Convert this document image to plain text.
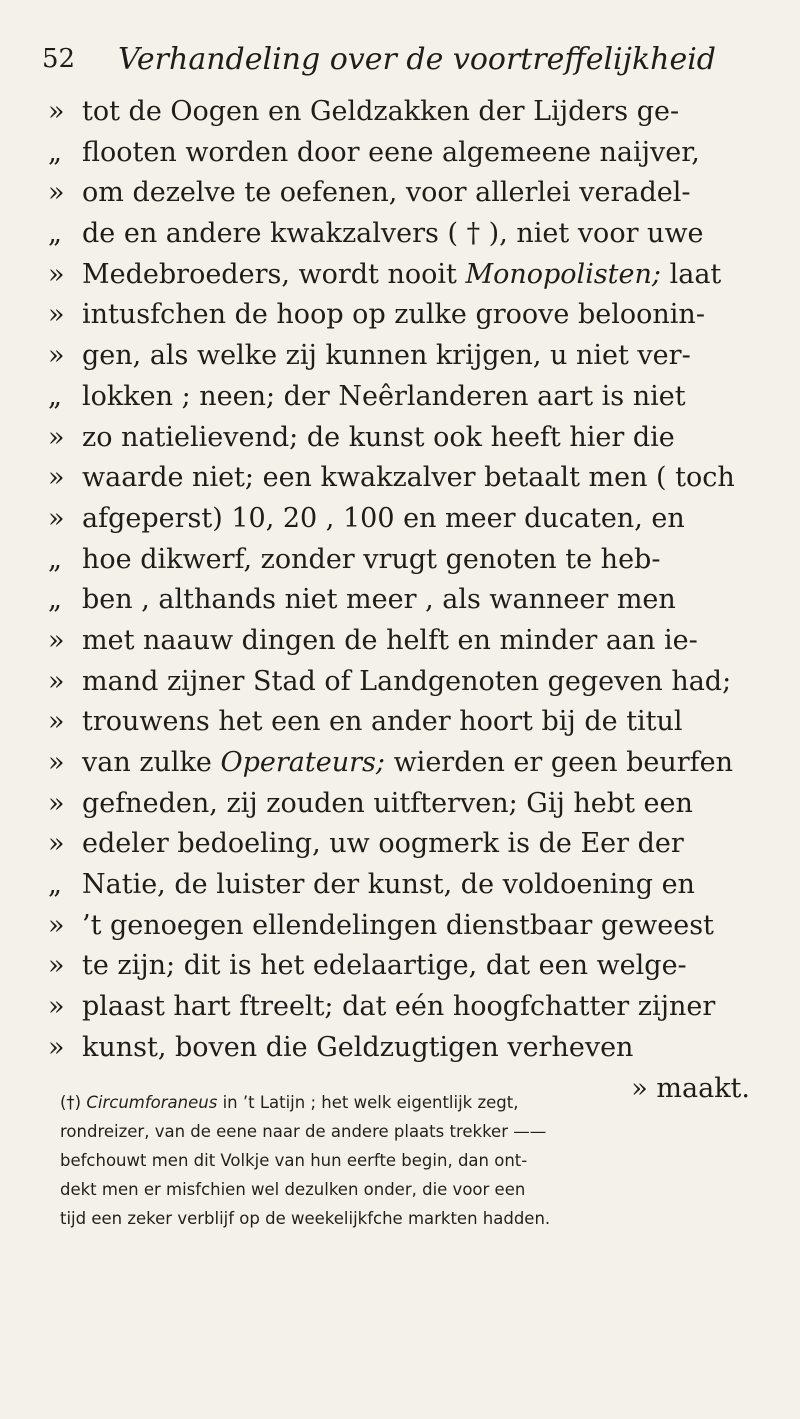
52 Verhandeling over de voortreffelijkheid
» tot de Oogen en Geldzakken der Lijders ge-
„ flooten worden door eene algemeene naijver,
» om dezelve te oefenen, voor allerlei veradel-
„ de en andere kwakzalvers ( † ), niet voor uwe
» Medebroeders, wordt nooit Monopolisten; laat
» intusfchen de hoop op zulke groove beloonin-
» gen, als welke zij kunnen krijgen, u niet ver-
„ lokken ; neen; der Neêrlanderen aart is niet
» zo natielievend; de kunst ook heeft hier die
» waarde niet; een kwakzalver betaalt men ( toch
» afgeperst) 10, 20 , 100 en meer ducaten, en
„ hoe dikwerf, zonder vrugt genoten te heb-
„ ben , althands niet meer , als wanneer men
» met naauw dingen de helft en minder aan ie-
» mand zijner Stad of Landgenoten gegeven had;
» trouwens het een en ander hoort bij de titul
» van zulke Operateurs; wierden er geen beurfen
» gefneden, zij zouden uitfterven; Gij hebt een
» edeler bedoeling, uw oogmerk is de Eer der
„ Natie, de luister der kunst, de voldoening en
» ’t genoegen ellendelingen dienstbaar geweest
» te zijn; dit is het edelaartige, dat een welge-
» plaast hart ftreelt; dat eén hoogfchatter zijner
» kunst, boven die Geldzugtigen verheven
» maakt.
(†) Circumforaneus in ’t Latijn ; het welk eigentlijk zegt,
rondreizer, van de eene naar de andere plaats trekker ——
befchouwt men dit Volkje van hun eerfte begin, dan ont-
dekt men er misfchien wel dezulken onder, die voor een
tijd een zeker verblijf op de weekelijkfche markten hadden.
